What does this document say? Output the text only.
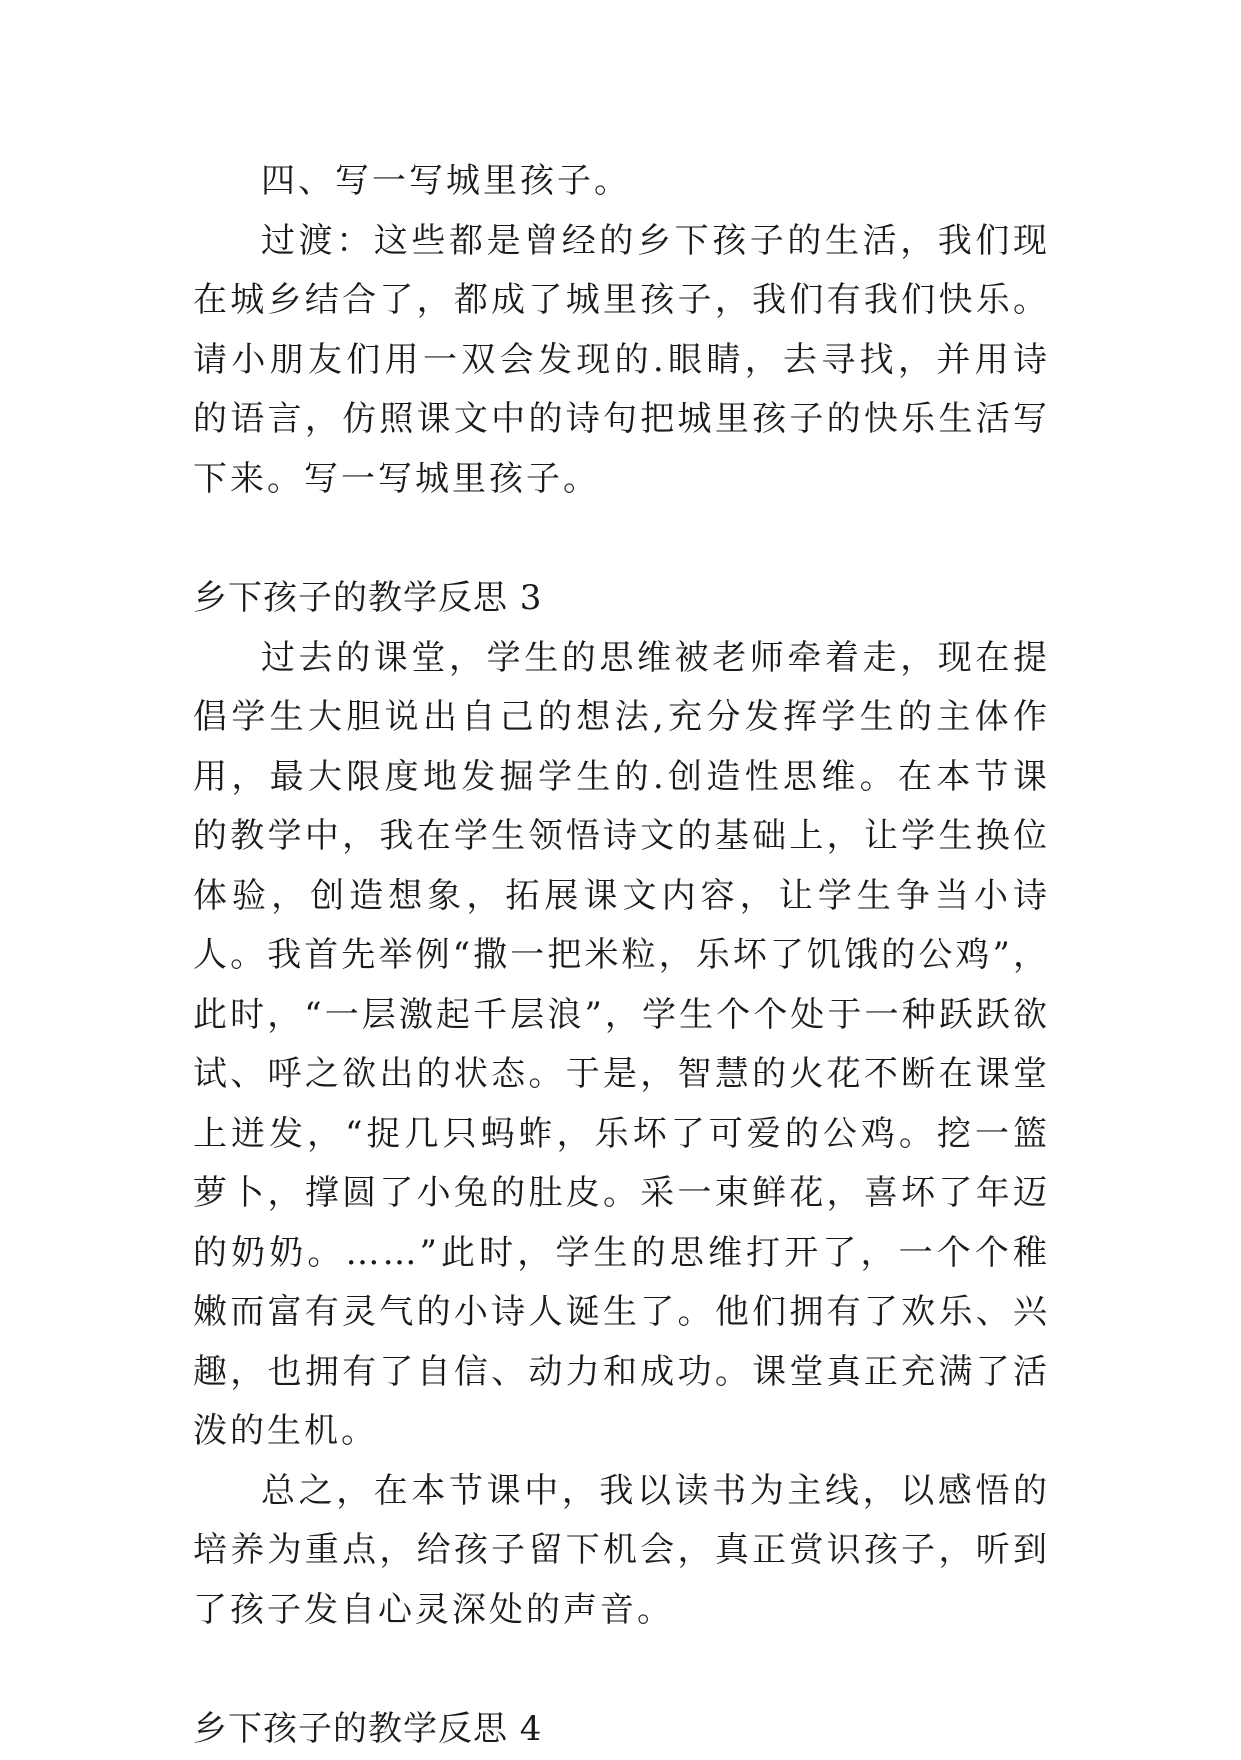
四、写一写城里孩子。

过渡：这些都是曾经的乡下孩子的生活，我们现在城乡结合了，都成了城里孩子，我们有我们快乐。请小朋友们用一双会发现的.眼睛，去寻找，并用诗的语言，仿照课文中的诗句把城里孩子的快乐生活写下来。写一写城里孩子。

乡下孩子的教学反思 3

过去的课堂，学生的思维被老师牵着走，现在提倡学生大胆说出自己的想法,充分发挥学生的主体作用，最大限度地发掘学生的.创造性思维。在本节课的教学中，我在学生领悟诗文的基础上，让学生换位体验，创造想象，拓展课文内容，让学生争当小诗人。我首先举例“撒一把米粒，乐坏了饥饿的公鸡”，此时，“一层激起千层浪”，学生个个处于一种跃跃欲试、呼之欲出的状态。于是，智慧的火花不断在课堂上迸发，“捉几只蚂蚱，乐坏了可爱的公鸡。挖一篮萝卜，撑圆了小兔的肚皮。采一束鲜花，喜坏了年迈的奶奶。……”此时，学生的思维打开了，一个个稚嫩而富有灵气的小诗人诞生了。他们拥有了欢乐、兴趣，也拥有了自信、动力和成功。课堂真正充满了活泼的生机。

总之，在本节课中，我以读书为主线，以感悟的培养为重点，给孩子留下机会，真正赏识孩子，听到了孩子发自心灵深处的声音。

乡下孩子的教学反思 4
